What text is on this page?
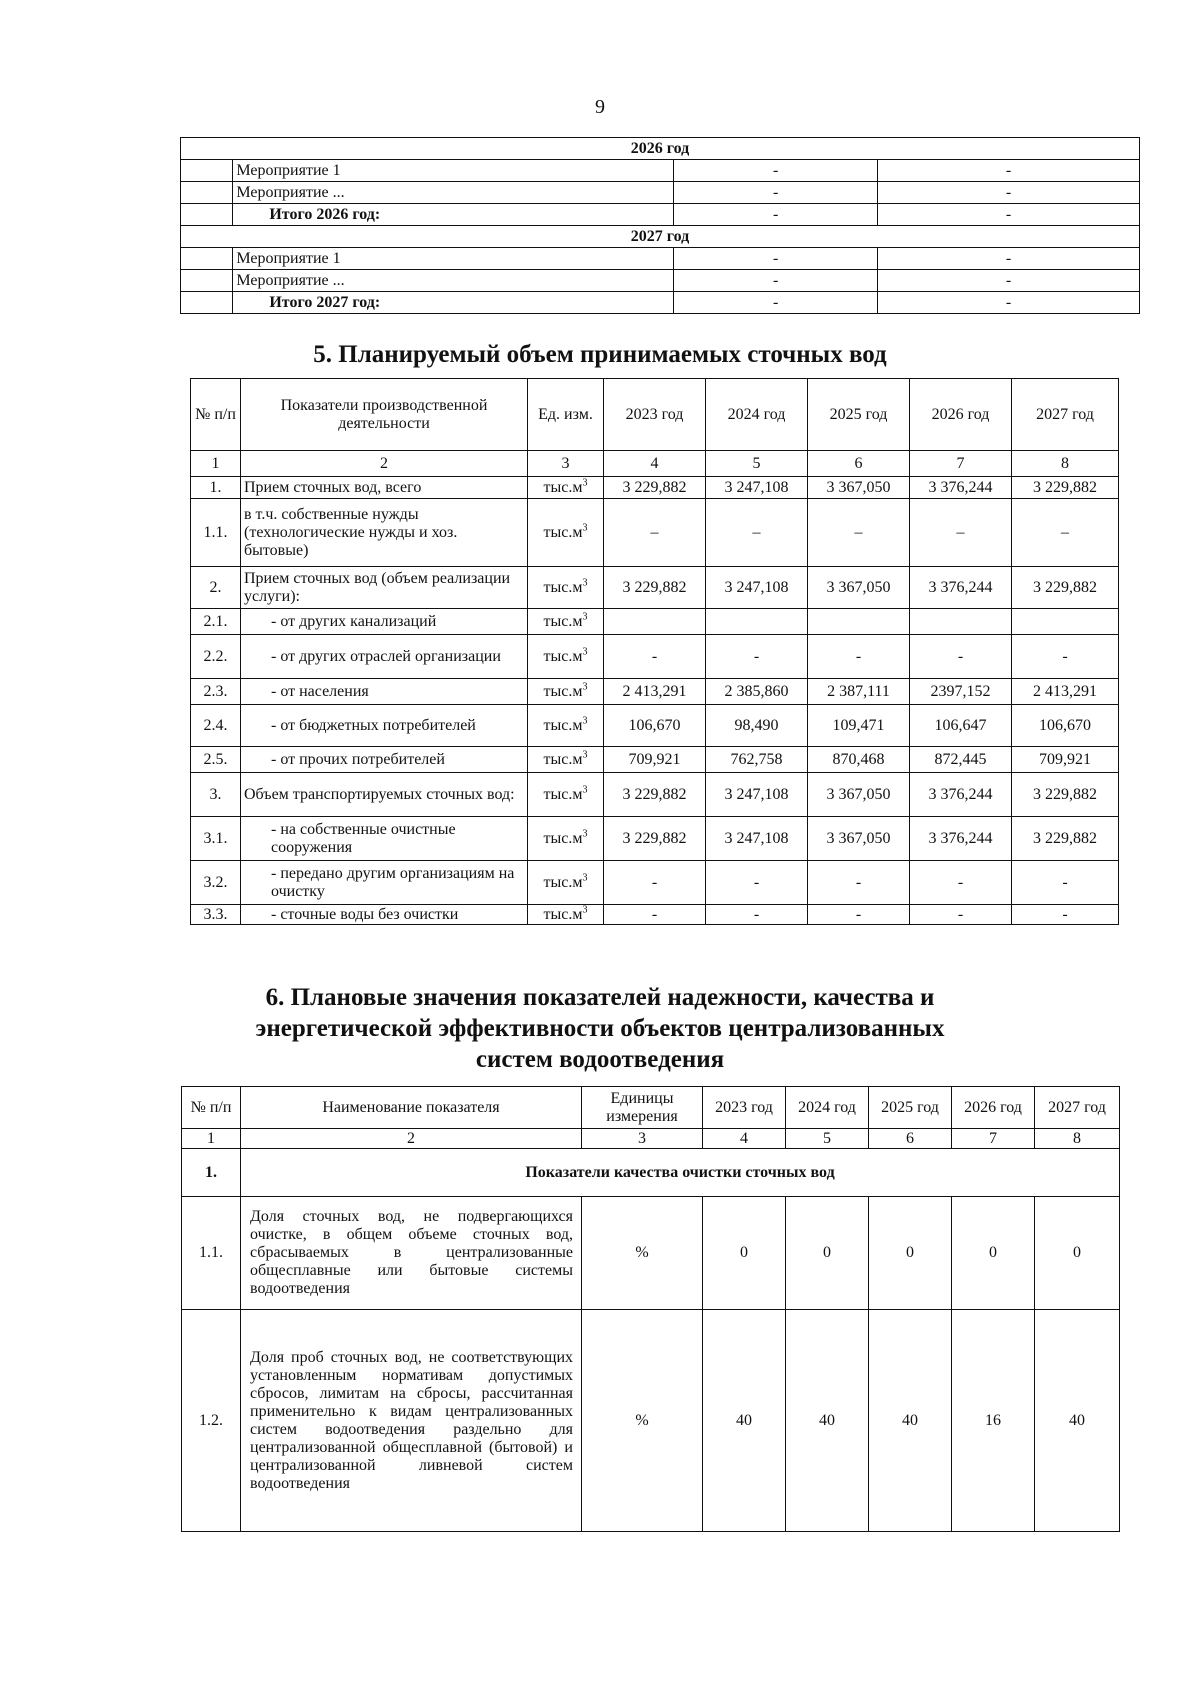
9
2026 год			
	Мероприятие 1	-	-
	Мероприятие ...	-	-
	Итого 2026 год:	-	-
2027 год			
	Мероприятие 1	-	-
	Мероприятие ...	-	-
	Итого 2027 год:	-	-
5. Планируемый объем принимаемых сточных вод
№ п/п	Показатели производственной деятельности	Ед. изм.	2023 год	2024 год	2025 год	2026 год	2027 год
1	2	3	4	5	6	7	8
1.	Прием сточных вод, всего	$тыс.м^3$	3 229,882	3 247,108	3 367,050	3 376,244	3 229,882
1.1.	в т.ч. собственные нужды (технологические нужды и хоз. бытовые)	$тыс.м^3$	–	–	–	–	–
2.	Прием сточных вод (объем реализации услуги):	$тыс.м^3$	3 229,882	3 247,108	3 367,050	3 376,244	3 229,882
2.1.	- от других канализаций	$тыс.м^3$					
2.2.	- от других отраслей организации	$тыс.м^3$	-	-	-	-	-
2.3.	- от населения	$тыс.м^3$	2 413,291	2 385,860	2 387,111	2397,152	2 413,291
2.4.	- от бюджетных потребителей	$тыс.м^3$	106,670	98,490	109,471	106,647	106,670
2.5.	- от прочих потребителей	$тыс.м^3$	709,921	762,758	870,468	872,445	709,921
3.	Объем транспортируемых сточных вод:	$тыс.м^3$	3 229,882	3 247,108	3 367,050	3 376,244	3 229,882
3.1.	- на собственные очистные сооружения	$тыс.м^3$	3 229,882	3 247,108	3 367,050	3 376,244	3 229,882
3.2.	- передано другим организациям на очистку	$тыс.м^3$	-	-	-	-	-
3.3.	- сточные воды без очистки	$тыс.м^3$	-	-	-	-	-
6. Плановые значения показателей надежности, качества и
энергетической эффективности объектов централизованных
систем водоотведения
№ п/п	Наименование показателя	Единицы измерения	2023 год	2024 год	2025 год	2026 год	2027 год
1	2	3	4	5	6	7	8
1.	Показатели качества очистки сточных вод						
1.1.	Доля сточных вод, не подвергающихся очистке, в общем объеме сточных вод, сбрасываемых в централизованные общесплавные или бытовые системы водоотведения	%	0	0	0	0	0
1.2.	Доля проб сточных вод, не соответствующих установленным нормативам допустимых сбросов, лимитам на сбросы, рассчитанная применительно к видам централизованных систем водоотведения раздельно для централизованной общесплавной (бытовой) и централизованной ливневой систем водоотведения	%	40	40	40	16	40
